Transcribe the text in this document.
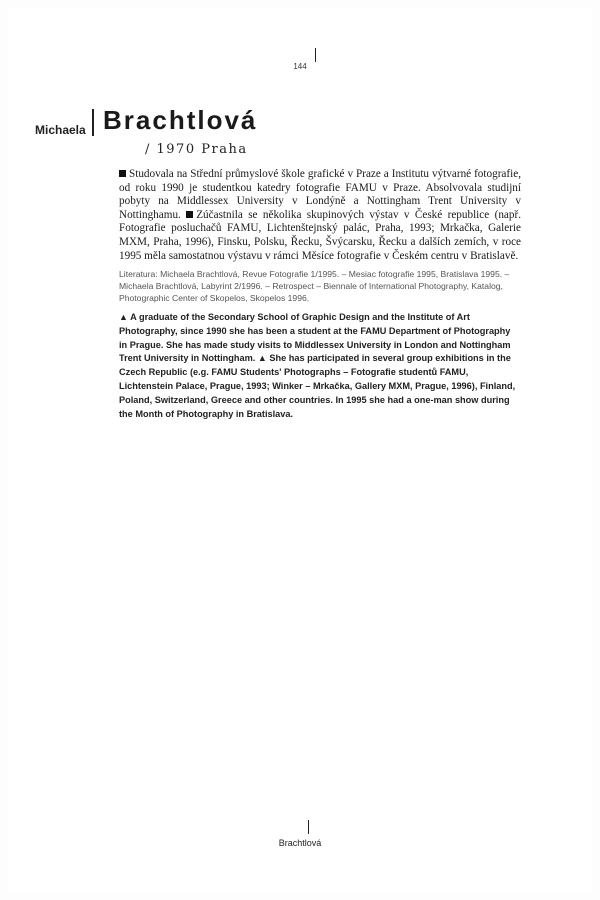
144
Michaela Brachtlová
/ 1970 Praha
Studovala na Střední průmyslové škole grafické v Praze a Institutu výtvarné fotografie, od roku 1990 je studentkou katedry fotografie FAMU v Praze. Absolvovala studijní pobyty na Middlessex University v Londýně a Nottingham Trent University v Nottinghamu. Zúčastnila se několika skupinových výstav v České republice (např. Fotografie posluchačů FAMU, Lichtenštejnský palác, Praha, 1993; Mrkačka, Galerie MXM, Praha, 1996), Finsku, Polsku, Řecku, Švýcarsku, Řecku a dalších zemích, v roce 1995 měla samostatnou výstavu v rámci Měsíce fotografie v Českém centru v Bratislavě.
Literatura: Michaela Brachtlová, Revue Fotografie 1/1995. – Mesiac fotografie 1995, Bratislava 1995. – Michaela Brachtlová, Labyrint 2/1996. – Retrospect – Biennale of International Photography, Katalog, Photographic Center of Skopelos, Skopelos 1996.
▲ A graduate of the Secondary School of Graphic Design and the Institute of Art Photography, since 1990 she has been a student at the FAMU Department of Photography in Prague. She has made study visits to Middlessex University in London and Nottingham Trent University in Nottingham. ▲ She has participated in several group exhibitions in the Czech Republic (e.g. FAMU Students' Photographs – Fotografie studentů FAMU, Lichtenstein Palace, Prague, 1993; Winker – Mrkačka, Gallery MXM, Prague, 1996), Finland, Poland, Switzerland, Greece and other countries. In 1995 she had a one-man show during the Month of Photography in Bratislava.
Brachtlová
